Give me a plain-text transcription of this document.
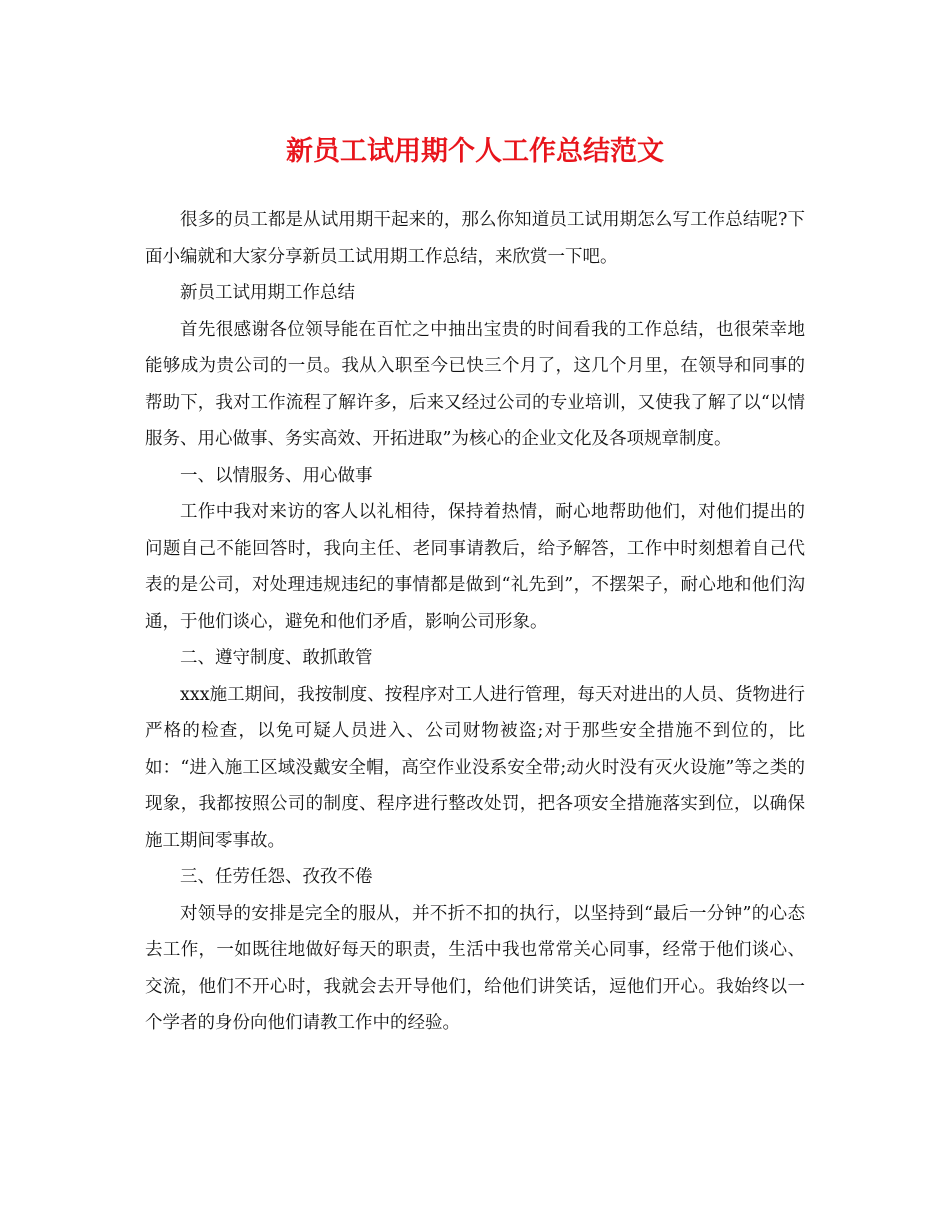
新员工试用期个人工作总结范文

很多的员工都是从试用期干起来的，那么你知道员工试用期怎么写工作总结呢?下面小编就和大家分享新员工试用期工作总结，来欣赏一下吧。

新员工试用期工作总结

首先很感谢各位领导能在百忙之中抽出宝贵的时间看我的工作总结，也很荣幸地能够成为贵公司的一员。我从入职至今已快三个月了，这几个月里，在领导和同事的帮助下，我对工作流程了解许多，后来又经过公司的专业培训，又使我了解了以“以情服务、用心做事、务实高效、开拓进取”为核心的企业文化及各项规章制度。

一、以情服务、用心做事

工作中我对来访的客人以礼相待，保持着热情，耐心地帮助他们，对他们提出的问题自己不能回答时，我向主任、老同事请教后，给予解答，工作中时刻想着自己代表的是公司，对处理违规违纪的事情都是做到“礼先到”，不摆架子，耐心地和他们沟通，于他们谈心，避免和他们矛盾，影响公司形象。

二、遵守制度、敢抓敢管

xxx施工期间，我按制度、按程序对工人进行管理，每天对进出的人员、货物进行严格的检查，以免可疑人员进入、公司财物被盗;对于那些安全措施不到位的，比如：“进入施工区域没戴安全帽，高空作业没系安全带;动火时没有灭火设施”等之类的现象，我都按照公司的制度、程序进行整改处罚，把各项安全措施落实到位，以确保施工期间零事故。

三、任劳任怨、孜孜不倦

对领导的安排是完全的服从，并不折不扣的执行，以坚持到“最后一分钟”的心态去工作，一如既往地做好每天的职责，生活中我也常常关心同事，经常于他们谈心、交流，他们不开心时，我就会去开导他们，给他们讲笑话，逗他们开心。我始终以一个学者的身份向他们请教工作中的经验。
